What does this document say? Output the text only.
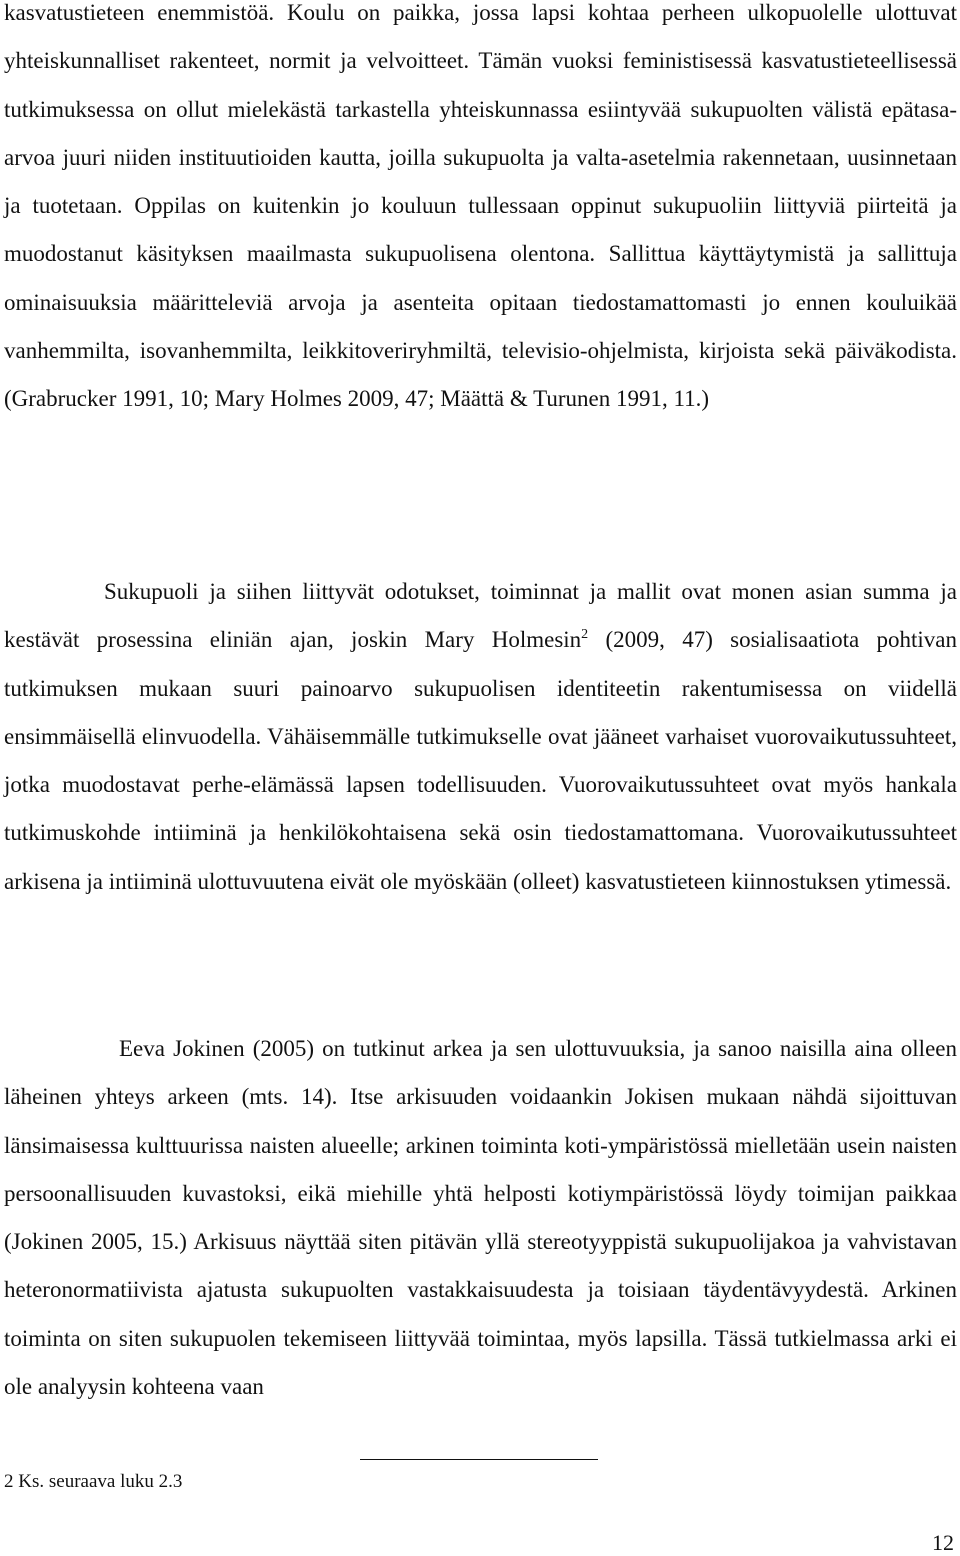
kasvatustieteen enemmistöä. Koulu on paikka, jossa lapsi kohtaa perheen ulkopuolelle ulottuvat yhteiskunnalliset rakenteet, normit ja velvoitteet. Tämän vuoksi feministisessä kasvatustieteellisessä tutkimuksessa on ollut mielekästä tarkastella yhteiskunnassa esiintyvää sukupuolten välistä epätasa-arvoa juuri niiden instituutioiden kautta, joilla sukupuolta ja valta-asetelmia rakennetaan, uusinnetaan ja tuotetaan. Oppilas on kuitenkin jo kouluun tullessaan oppinut sukupuoliin liittyviä piirteitä ja muodostanut käsityksen maailmasta sukupuolisena olentona. Sallittua käyttäytymistä ja sallittuja ominaisuuksia määritteleviä arvoja ja asenteita opitaan tiedostamattomasti jo ennen kouluikää vanhemmilta, isovanhemmilta, leikkitoveriryhmiltä, televisio-ohjelmista, kirjoista sekä päiväkodista. (Grabrucker 1991, 10; Mary Holmes 2009, 47; Määttä & Turunen 1991, 11.)

Sukupuoli ja siihen liittyvät odotukset, toiminnat ja mallit ovat monen asian summa ja kestävät prosessina eliniän ajan, joskin Mary Holmesin$^2$ (2009, 47) sosialisaatiota pohtivan tutkimuksen mukaan suuri painoarvo sukupuolisen identiteetin rakentumisessa on viidellä ensimmäisellä elinvuodella. Vähäisemmälle tutkimukselle ovat jääneet varhaiset vuorovaikutussuhteet, jotka muodostavat perhe-elämässä lapsen todellisuuden. Vuorovaikutussuhteet ovat myös hankala tutkimuskohde intiiminä ja henkilökohtaisena sekä osin tiedostamattomana. Vuorovaikutussuhteet arkisena ja intiiminä ulottuvuutena eivät ole myöskään (olleet) kasvatustieteen kiinnostuksen ytimessä.

Eeva Jokinen (2005) on tutkinut arkea ja sen ulottuvuuksia, ja sanoo naisilla aina olleen läheinen yhteys arkeen (mts. 14). Itse arkisuuden voidaankin Jokisen mukaan nähdä sijoittuvan länsimaisessa kulttuurissa naisten alueelle; arkinen toiminta koti-ympäristössä mielletään usein naisten persoonallisuuden kuvastoksi, eikä miehille yhtä helposti kotiympäristössä löydy toimijan paikkaa (Jokinen 2005, 15.) Arkisuus näyttää siten pitävän yllä stereotyyppistä sukupuolijakoa ja vahvistavan heteronormatiivista ajatusta sukupuolten vastakkaisuudesta ja toisiaan täydentävyydestä. Arkinen toiminta on siten sukupuolen tekemiseen liittyvää toimintaa, myös lapsilla. Tässä tutkielmassa arki ei ole analyysin kohteena vaan

2 Ks. seuraava luku 2.3

12
